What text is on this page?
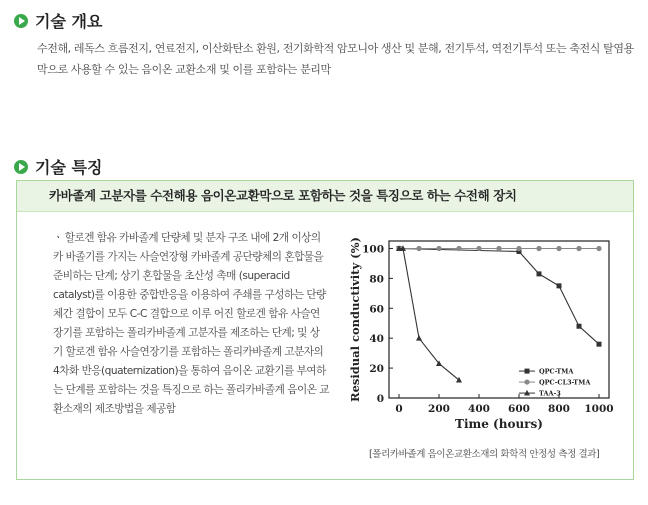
기술 개요
수전해, 레독스 흐름전지, 연료전지, 이산화탄소 환원, 전기화학적 암모니아 생산 및 분해, 전기투석, 역전기투석 또는 축전식 탈염용 막으로 사용할 수 있는 음이온 교환소재 및 이를 포함하는 분리막
기술 특징
카바졸계 고분자를 수전해용 음이온교환막으로 포함하는 것을 특징으로 하는 수전해 장치
ㆍ 할로겐 함유 카바졸계 단량체 및 분자 구조 내에 2개 이상의 카 바졸기를 가지는 사슬연장형 카바졸계 공단량체의 혼합물을 준비하는 단계; 상기 혼합물을 초산성 촉매 (superacid catalyst)를 이용한 중합반응을 이용하여 주쇄를 구성하는 단량체간 결합이 모두 C-C 결합으로 이루 어진 할로겐 함유 사슬연장기를 포함하는 폴리카바졸계 고분자를 제조하는 단계; 및 상기 할로겐 함유 사슬연장기를 포함하는 폴리카바졸계 고분자의 4차화 반응(quaternization)을 통하여 음이온 교환기를 부여하는 단계를 포함하는 것을 특징으로 하는 폴리카바졸계 음이온 교환소재의 제조방법을 제공함
0
20
40
60
80
100
0 200 400 600 800 1000
Time (hours)
Residual conductivity (%)	QPC-TMA
QPC-CL3-TMA
TAA-3
[폴리카바졸계 음이온교환소재의 화학적 안정성 측정 결과]
